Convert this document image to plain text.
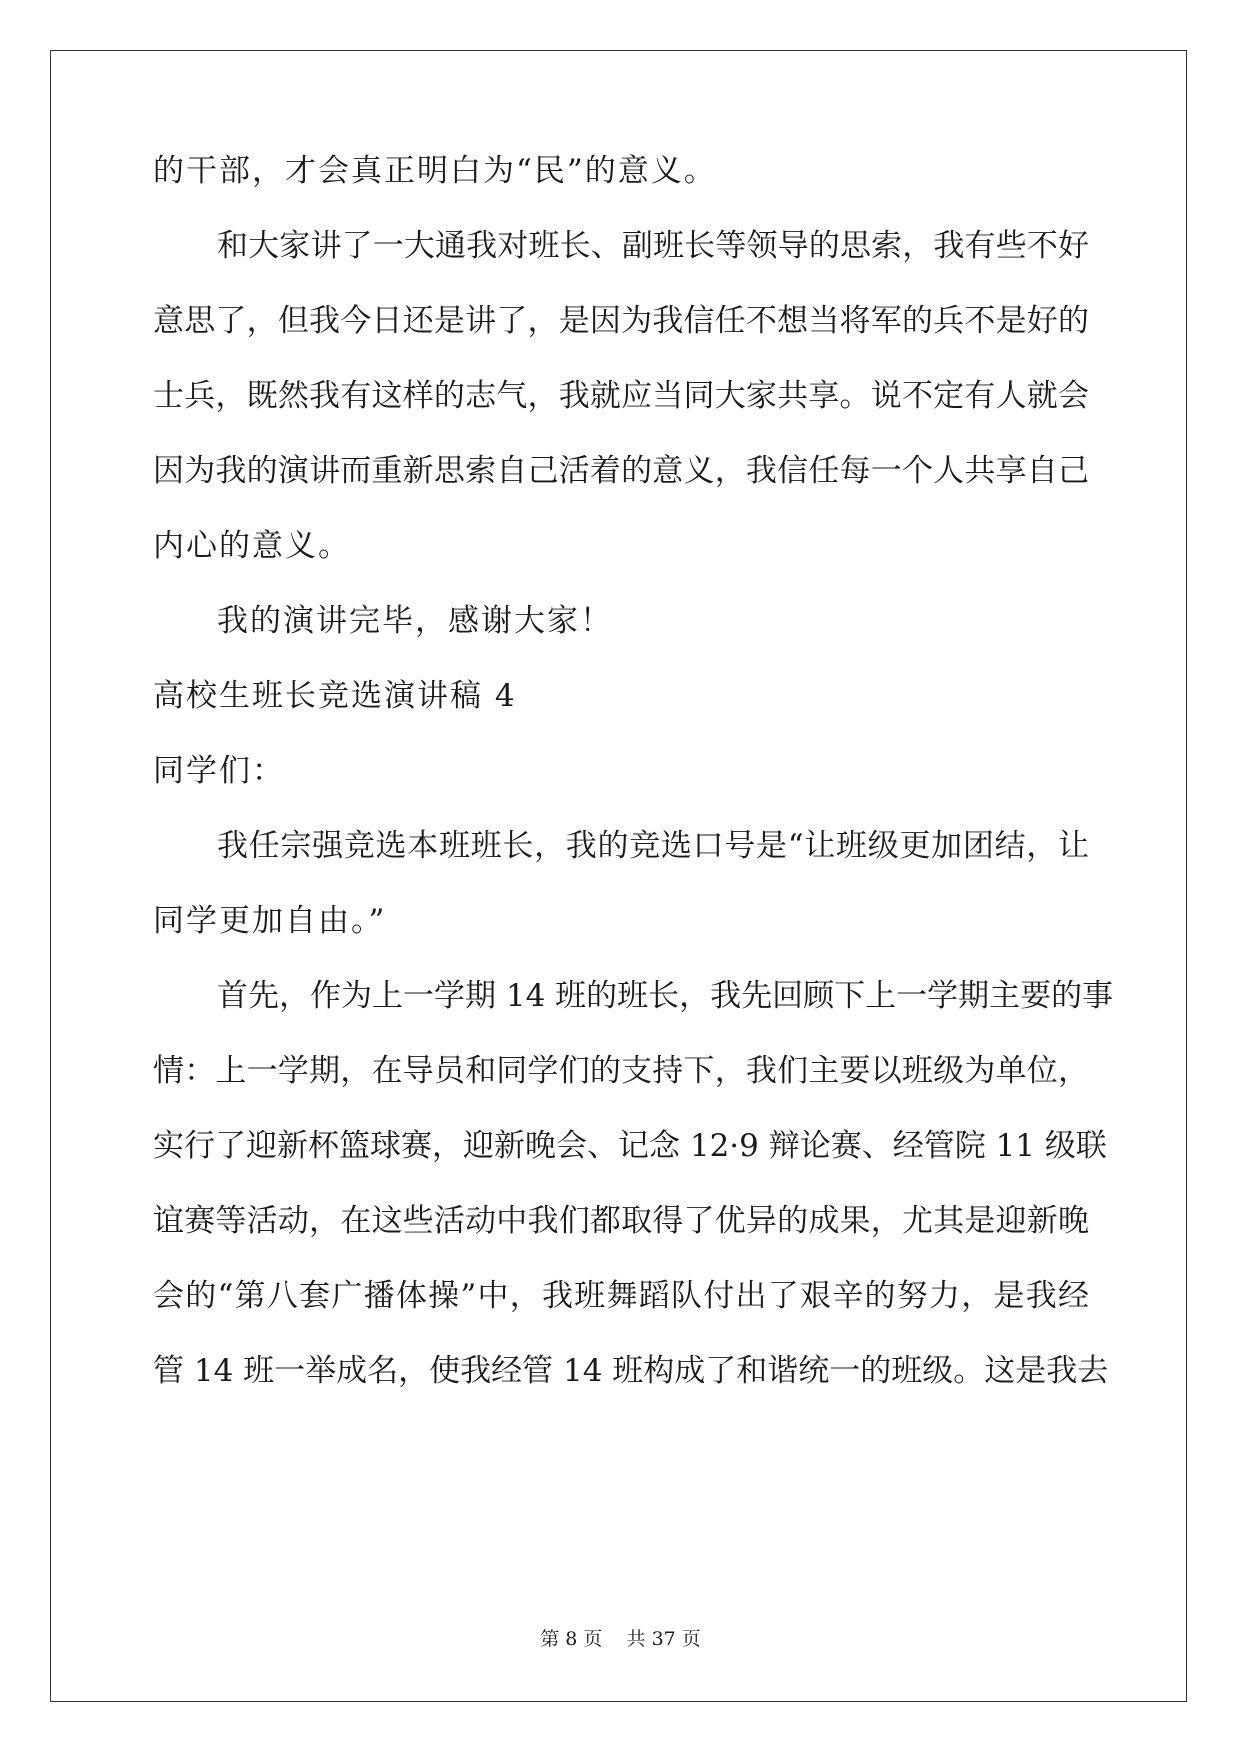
的干部，才会真正明白为“民”的意义。
和大家讲了一大通我对班长、副班长等领导的思索，我有些不好
意思了，但我今日还是讲了，是因为我信任不想当将军的兵不是好的
士兵，既然我有这样的志气，我就应当同大家共享。说不定有人就会
因为我的演讲而重新思索自己活着的意义，我信任每一个人共享自己
内心的意义。
我的演讲完毕，感谢大家！
高校生班长竞选演讲稿 4
同学们：
我任宗强竞选本班班长，我的竞选口号是“让班级更加团结，让
同学更加自由。”
首先，作为上一学期 14 班的班长，我先回顾下上一学期主要的事
情：上一学期，在导员和同学们的支持下，我们主要以班级为单位，
实行了迎新杯篮球赛，迎新晚会、记念 12·9 辩论赛、经管院 11 级联
谊赛等活动，在这些活动中我们都取得了优异的成果，尤其是迎新晚
会的“第八套广播体操”中，我班舞蹈队付出了艰辛的努力，是我经
管 14 班一举成名，使我经管 14 班构成了和谐统一的班级。这是我去
第 8 页    共 37 页
